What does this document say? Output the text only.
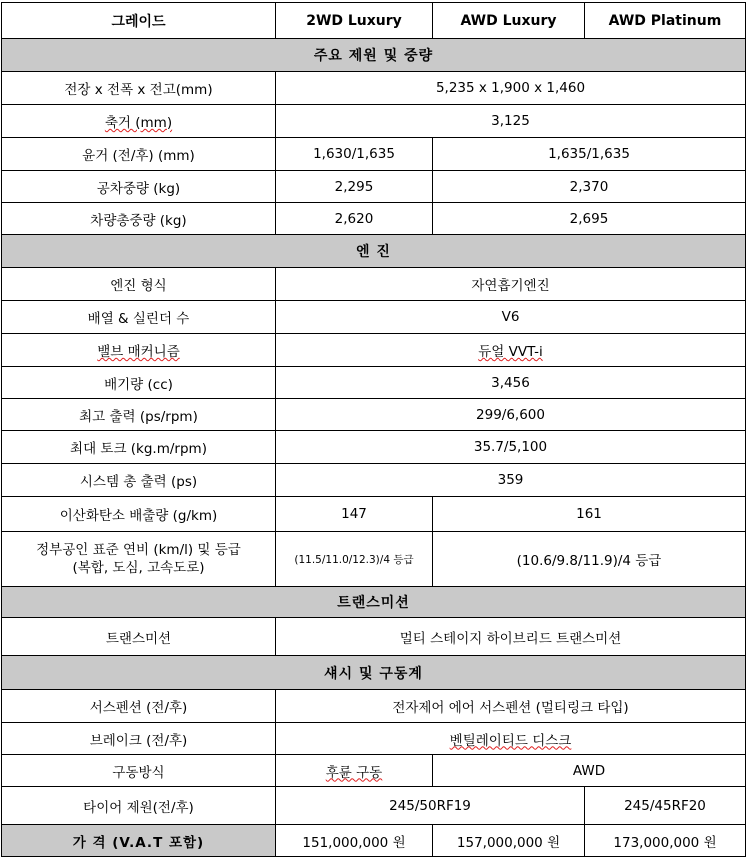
그레이드	2WD Luxury	AWD Luxury	AWD Platinum
주요 제원 및 중량			
전장 x 전폭 x 전고(mm)	5,235 x 1,900 x 1,460		
축거 (mm)	3,125		
윤거 (전/후) (mm)	1,630/1,635	1,635/1,635	
공차중량 (kg)	2,295	2,370	
차량총중량 (kg)	2,620	2,695	
엔 진			
엔진 형식	자연흡기엔진		
배열 & 실린더 수	V6		
밸브 매커니즘	듀얼 VVT-i		
배기량 (cc)	3,456		
최고 출력 (ps/rpm)	299/6,600		
최대 토크 (kg.m/rpm)	35.7/5,100		
시스템 총 출력 (ps)	359		
이산화탄소 배출량 (g/km)	147	161	
정부공인 표준 연비 (km/l) 및 등급
(복합, 도심, 고속도로)	(11.5/11.0/12.3)/4 등급	(10.6/9.8/11.9)/4 등급	
트랜스미션			
트랜스미션	멀티 스테이지 하이브리드 트랜스미션		
섀시 및 구동계			
서스펜션 (전/후)	전자제어 에어 서스펜션 (멀티링크 타입)		
브레이크 (전/후)	벤틸레이티드 디스크		
구동방식	후륜 구동	AWD	
타이어 제원(전/후)	245/50RF19		245/45RF20
가 격 (V.A.T 포함)	151,000,000 원	157,000,000 원	173,000,000 원
